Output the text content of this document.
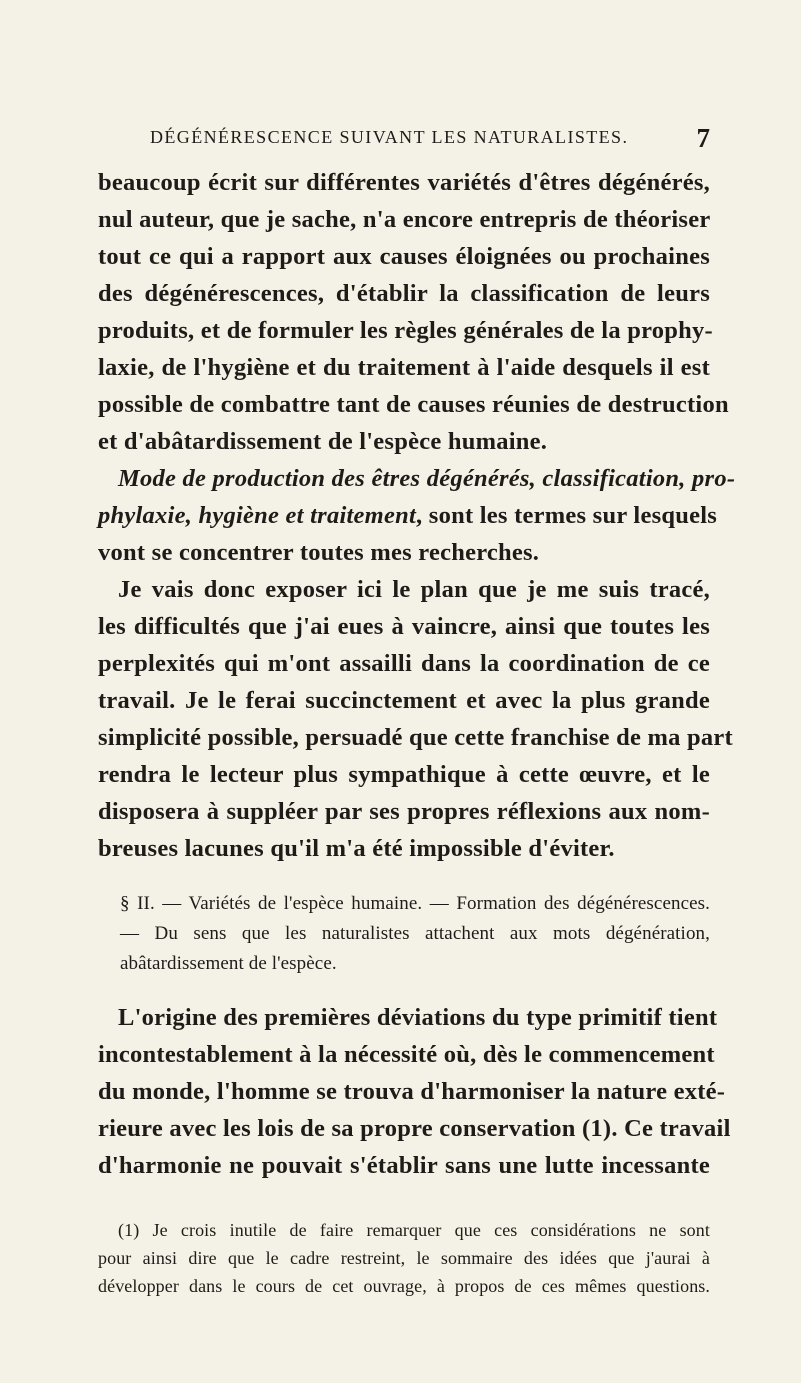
DÉGÉNÉRESCENCE SUIVANT LES NATURALISTES.	7
beaucoup écrit sur différentes variétés d'êtres dégénérés,
nul auteur, que je sache, n'a encore entrepris de théoriser
tout ce qui a rapport aux causes éloignées ou prochaines
des dégénérescences, d'établir la classification de leurs
produits, et de formuler les règles générales de la prophy-
laxie, de l'hygiène et du traitement à l'aide desquels il est
possible de combattre tant de causes réunies de destruction
et d'abâtardissement de l'espèce humaine.
Mode de production des êtres dégénérés, classification, pro-
phylaxie, hygiène et traitement, sont les termes sur lesquels
vont se concentrer toutes mes recherches.
Je vais donc exposer ici le plan que je me suis tracé,
les difficultés que j'ai eues à vaincre, ainsi que toutes les
perplexités qui m'ont assailli dans la coordination de ce
travail. Je le ferai succinctement et avec la plus grande
simplicité possible, persuadé que cette franchise de ma part
rendra le lecteur plus sympathique à cette œuvre, et le
disposera à suppléer par ses propres réflexions aux nom-
breuses lacunes qu'il m'a été impossible d'éviter.
§ II. — Variétés de l'espèce humaine. — Formation des dégénérescences.
— Du sens que les naturalistes attachent aux mots dégénération,
abâtardissement de l'espèce.
L'origine des premières déviations du type primitif tient
incontestablement à la nécessité où, dès le commencement
du monde, l'homme se trouva d'harmoniser la nature exté-
rieure avec les lois de sa propre conservation (1). Ce travail
d'harmonie ne pouvait s'établir sans une lutte incessante
(1) Je crois inutile de faire remarquer que ces considérations ne sont
pour ainsi dire que le cadre restreint, le sommaire des idées que j'aurai à
développer dans le cours de cet ouvrage, à propos de ces mêmes questions.
